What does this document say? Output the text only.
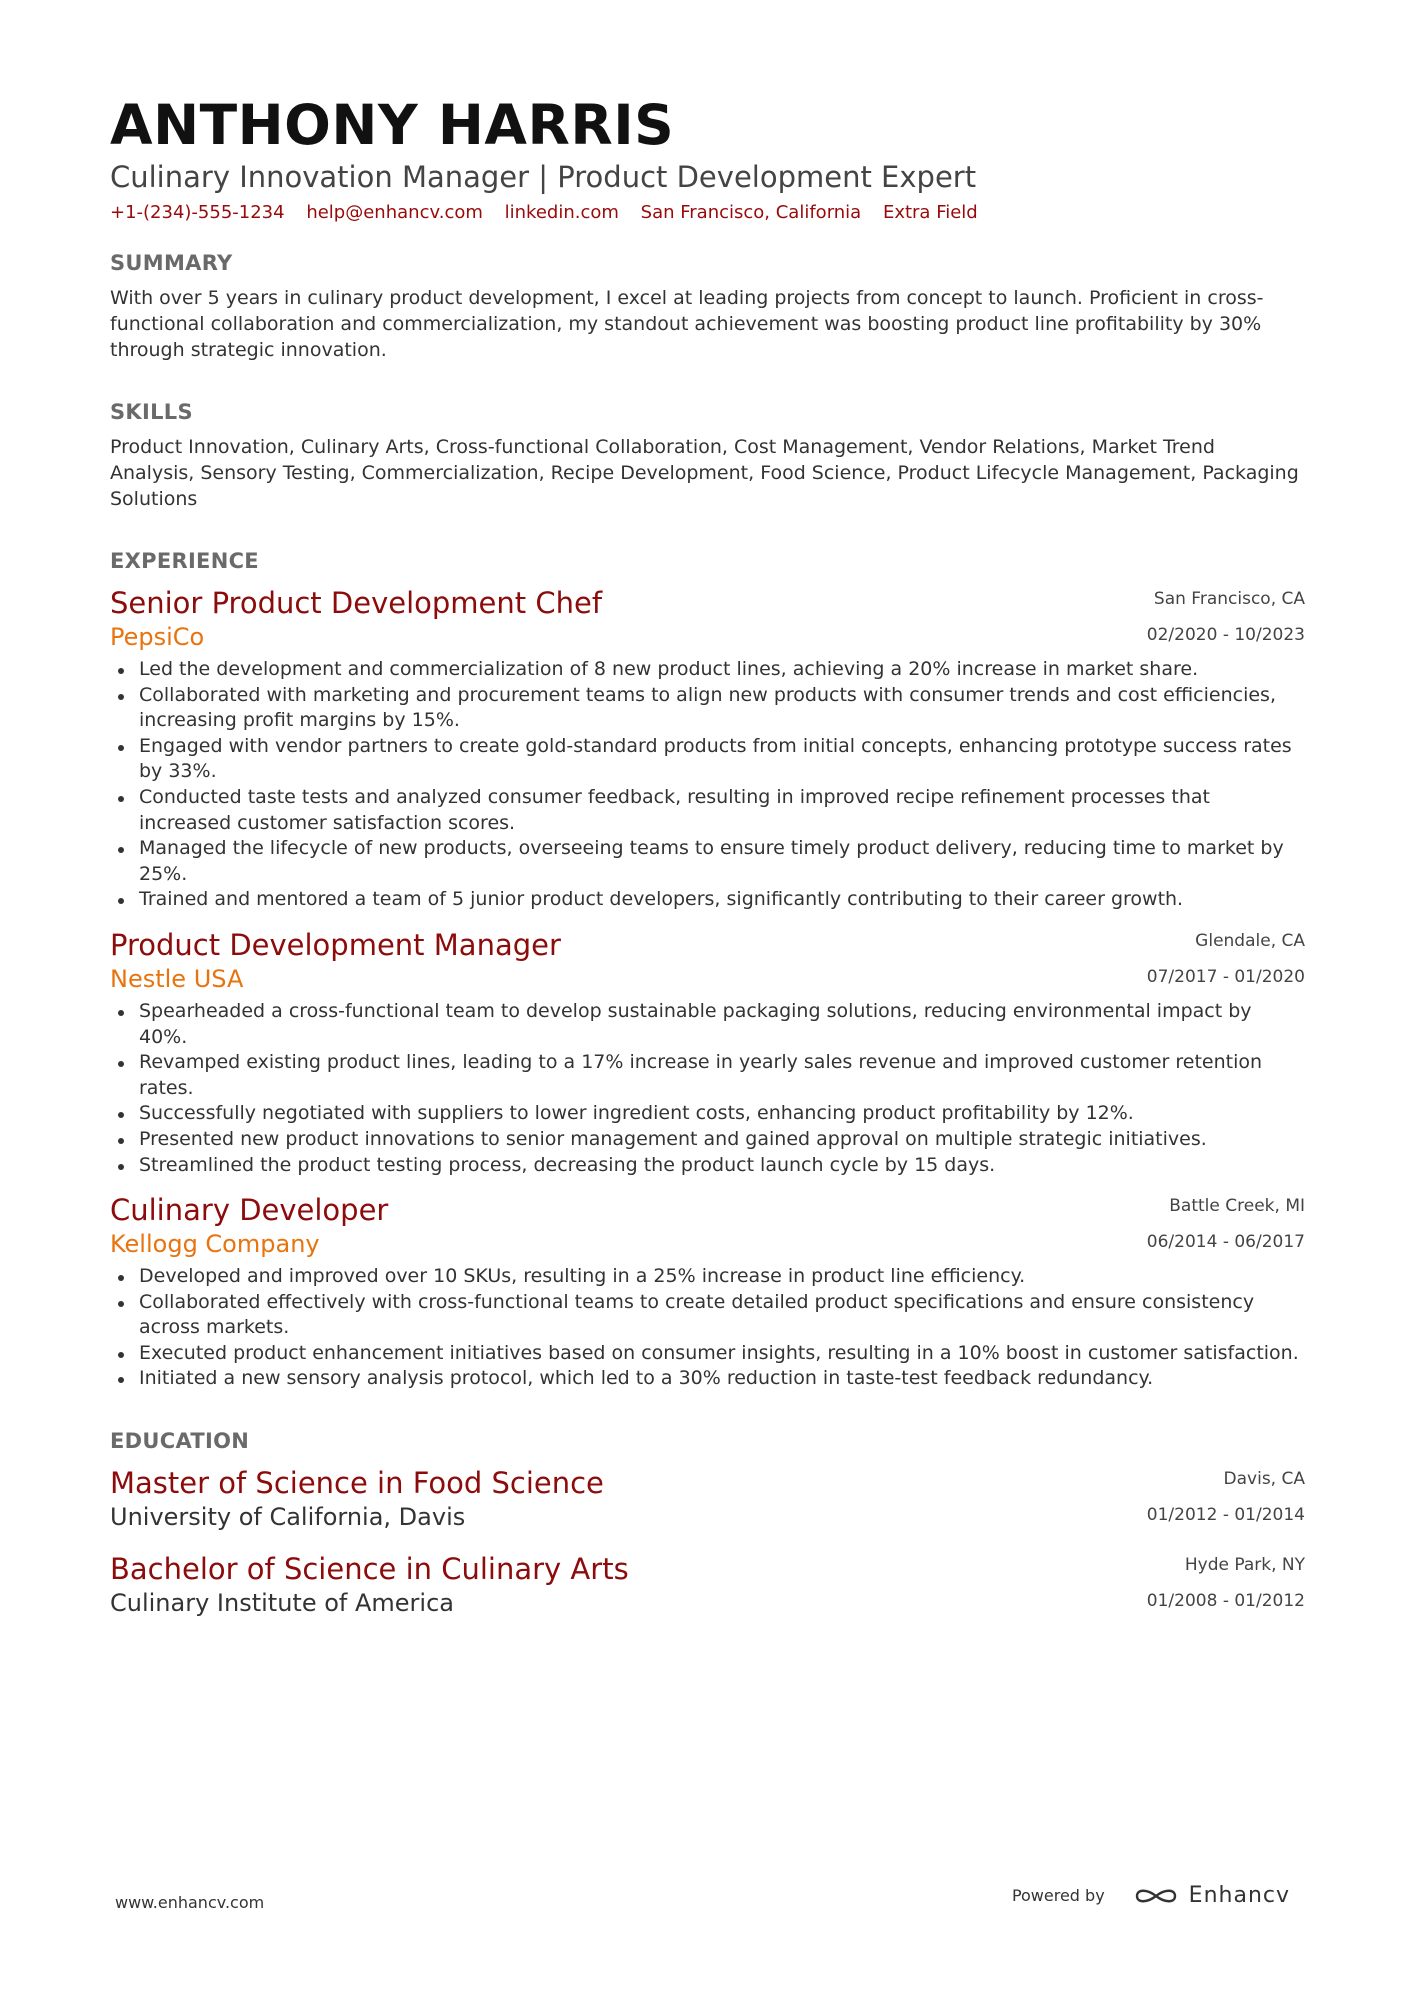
ANTHONY HARRIS
Culinary Innovation Manager | Product Development Expert
+1-(234)-555-1234 help@enhancv.com linkedin.com San Francisco, California Extra Field
SUMMARY
With over 5 years in culinary product development, I excel at leading projects from concept to launch. Proficient in cross-functional collaboration and commercialization, my standout achievement was boosting product line profitability by 30% through strategic innovation.
SKILLS
Product Innovation, Culinary Arts, Cross-functional Collaboration, Cost Management, Vendor Relations, Market Trend Analysis, Sensory Testing, Commercialization, Recipe Development, Food Science, Product Lifecycle Management, Packaging Solutions
EXPERIENCE
Senior Product Development Chef
PepsiCo
San Francisco, CA
02/2020 - 10/2023
Led the development and commercialization of 8 new product lines, achieving a 20% increase in market share.
Collaborated with marketing and procurement teams to align new products with consumer trends and cost efficiencies, increasing profit margins by 15%.
Engaged with vendor partners to create gold-standard products from initial concepts, enhancing prototype success rates by 33%.
Conducted taste tests and analyzed consumer feedback, resulting in improved recipe refinement processes that increased customer satisfaction scores.
Managed the lifecycle of new products, overseeing teams to ensure timely product delivery, reducing time to market by 25%.
Trained and mentored a team of 5 junior product developers, significantly contributing to their career growth.
Product Development Manager
Nestle USA
Glendale, CA
07/2017 - 01/2020
Spearheaded a cross-functional team to develop sustainable packaging solutions, reducing environmental impact by 40%.
Revamped existing product lines, leading to a 17% increase in yearly sales revenue and improved customer retention rates.
Successfully negotiated with suppliers to lower ingredient costs, enhancing product profitability by 12%.
Presented new product innovations to senior management and gained approval on multiple strategic initiatives.
Streamlined the product testing process, decreasing the product launch cycle by 15 days.
Culinary Developer
Kellogg Company
Battle Creek, MI
06/2014 - 06/2017
Developed and improved over 10 SKUs, resulting in a 25% increase in product line efficiency.
Collaborated effectively with cross-functional teams to create detailed product specifications and ensure consistency across markets.
Executed product enhancement initiatives based on consumer insights, resulting in a 10% boost in customer satisfaction.
Initiated a new sensory analysis protocol, which led to a 30% reduction in taste-test feedback redundancy.
EDUCATION
Master of Science in Food Science
University of California, Davis
Davis, CA
01/2012 - 01/2014
Bachelor of Science in Culinary Arts
Culinary Institute of America
Hyde Park, NY
01/2008 - 01/2012
www.enhancv.com	Powered by	Enhancv
